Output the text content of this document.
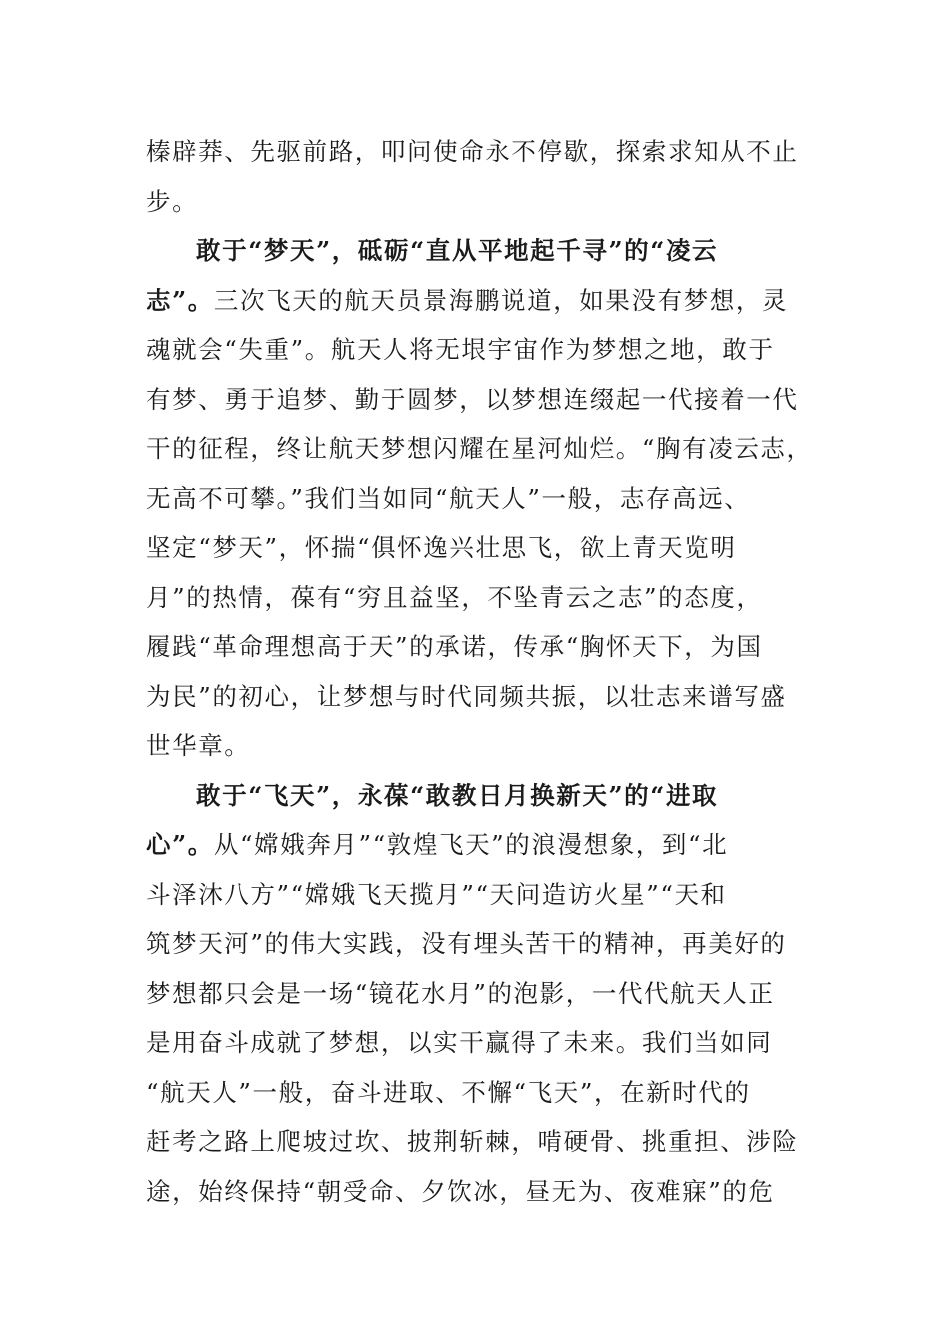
榛辟莽、先驱前路，叩问使命永不停歇，探索求知从不止
步。
敢于“梦天”，砥砺“直从平地起千寻”的“凌云
志”。三次飞天的航天员景海鹏说道，如果没有梦想，灵
魂就会“失重”。航天人将无垠宇宙作为梦想之地，敢于
有梦、勇于追梦、勤于圆梦，以梦想连缀起一代接着一代
干的征程，终让航天梦想闪耀在星河灿烂。“胸有凌云志，
无高不可攀。”我们当如同“航天人”一般，志存高远、
坚定“梦天”，怀揣“俱怀逸兴壮思飞，欲上青天览明
月”的热情，葆有“穷且益坚，不坠青云之志”的态度，
履践“革命理想高于天”的承诺，传承“胸怀天下，为国
为民”的初心，让梦想与时代同频共振，以壮志来谱写盛
世华章。
敢于“飞天”，永葆“敢教日月换新天”的“进取
心”。从“嫦娥奔月”“敦煌飞天”的浪漫想象，到“北
斗泽沐八方”“嫦娥飞天揽月”“天问造访火星”“天和
筑梦天河”的伟大实践，没有埋头苦干的精神，再美好的
梦想都只会是一场“镜花水月”的泡影，一代代航天人正
是用奋斗成就了梦想，以实干赢得了未来。我们当如同
“航天人”一般，奋斗进取、不懈“飞天”，在新时代的
赶考之路上爬坡过坎、披荆斩棘，啃硬骨、挑重担、涉险
途，始终保持“朝受命、夕饮冰，昼无为、夜难寐”的危
